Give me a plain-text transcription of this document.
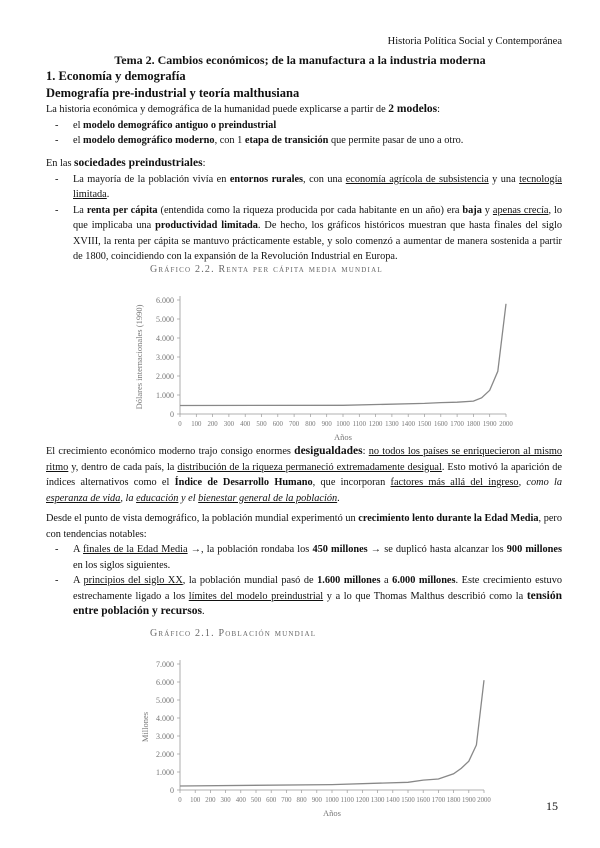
Historia Política Social y Contemporánea
Tema 2. Cambios económicos; de la manufactura a la industria moderna
1. Economía y demografía
Demografía pre-industrial y teoría malthusiana
La historia económica y demográfica de la humanidad puede explicarse a partir de 2 modelos:
- el modelo demográfico antiguo o preindustrial
- el modelo demográfico moderno, con 1 etapa de transición que permite pasar de uno a otro.
En las sociedades preindustriales:
- La mayoría de la población vivía en entornos rurales, con una economía agrícola de subsistencia y una tecnología limitada.
- La renta per cápita (entendida como la riqueza producida por cada habitante en un año) era baja y apenas crecía, lo que implicaba una productividad limitada. De hecho, los gráficos históricos muestran que hasta finales del siglo XVIII, la renta per cápita se mantuvo prácticamente estable, y solo comenzó a aumentar de manera sostenida a partir de 1800, coincidiendo con la expansión de la Revolución Industrial en Europa.
Gráfico 2.2. Renta per cápita media mundial
0
1.000
2.000
3.000
4.000
5.000
6.000
0 100 200 300 400 500 600 700 800 900 1000 1100 1200 1300 1400 1500 1600 1700 1800 1900 2000
Años
Dólares internacionales (1990)
El crecimiento económico moderno trajo consigo enormes desigualdades: no todos los países se enriquecieron al mismo ritmo y, dentro de cada país, la distribución de la riqueza permaneció extremadamente desigual. Esto motivó la aparición de índices alternativos como el Índice de Desarrollo Humano, que incorporan factores más allá del ingreso, como la esperanza de vida, la educación y el bienestar general de la población.
Desde el punto de vista demográfico, la población mundial experimentó un crecimiento lento durante la Edad Media, pero con tendencias notables:
- A finales de la Edad Media →, la población rondaba los 450 millones → se duplicó hasta alcanzar los 900 millones en los siglos siguientes.
- A principios del siglo XX, la población mundial pasó de 1.600 millones a 6.000 millones. Este crecimiento estuvo estrechamente ligado a los límites del modelo preindustrial y a lo que Thomas Malthus describió como la tensión entre población y recursos.
Gráfico 2.1. Población mundial
0
1.000
2.000
3.000
4.000
5.000
6.000
7.000
0 100 200 300 400 500 600 700 800 900 1000 1100 1200 1300 1400 1500 1600 1700 1800 1900 2000
Años
Millones
15
